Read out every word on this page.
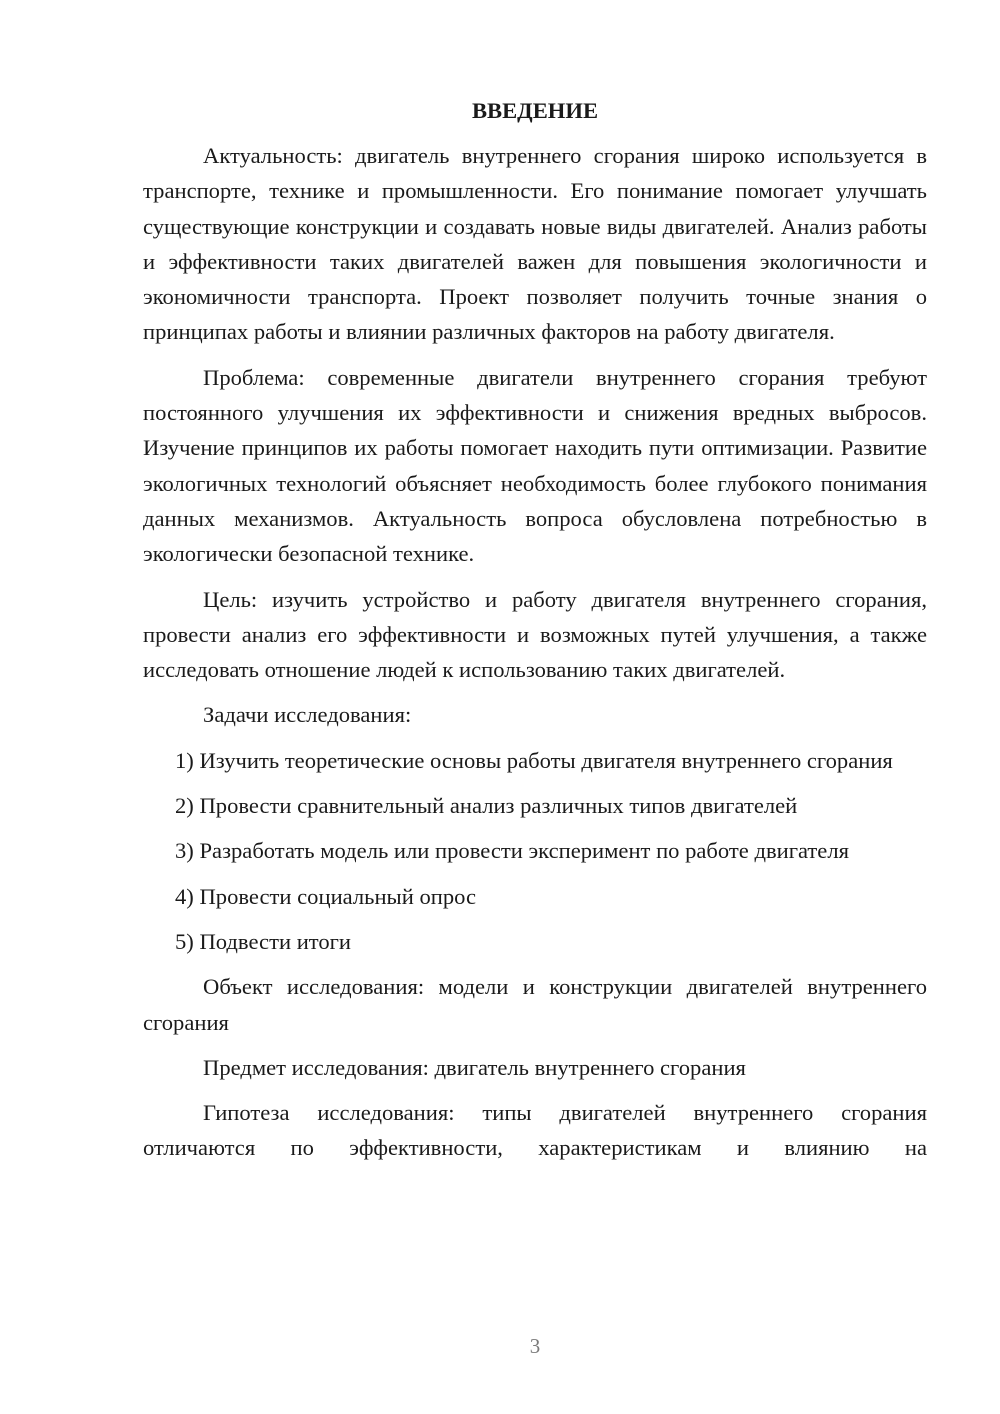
ВВЕДЕНИЕ

Актуальность: двигатель внутреннего сгорания широко используется в транспорте, технике и промышленности. Его понимание помогает улучшать существующие конструкции и создавать новые виды двигателей. Анализ работы и эффективности таких двигателей важен для повышения экологичности и экономичности транспорта. Проект позволяет получить точные знания о принципах работы и влиянии различных факторов на работу двигателя.

Проблема: современные двигатели внутреннего сгорания требуют постоянного улучшения их эффективности и снижения вредных выбросов. Изучение принципов их работы помогает находить пути оптимизации. Развитие экологичных технологий объясняет необходимость более глубокого понимания данных механизмов. Актуальность вопроса обусловлена потребностью в экологически безопасной технике.

Цель: изучить устройство и работу двигателя внутреннего сгорания, провести анализ его эффективности и возможных путей улучшения, а также исследовать отношение людей к использованию таких двигателей.

Задачи исследования:

1) Изучить теоретические основы работы двигателя внутреннего сгорания

2) Провести сравнительный анализ различных типов двигателей

3) Разработать модель или провести эксперимент по работе двигателя

4) Провести социальный опрос

5) Подвести итоги

Объект исследования: модели и конструкции двигателей внутреннего сгорания

Предмет исследования: двигатель внутреннего сгорания

Гипотеза исследования: типы двигателей внутреннего сгорания отличаются по эффективности, характеристикам и влиянию на

3
